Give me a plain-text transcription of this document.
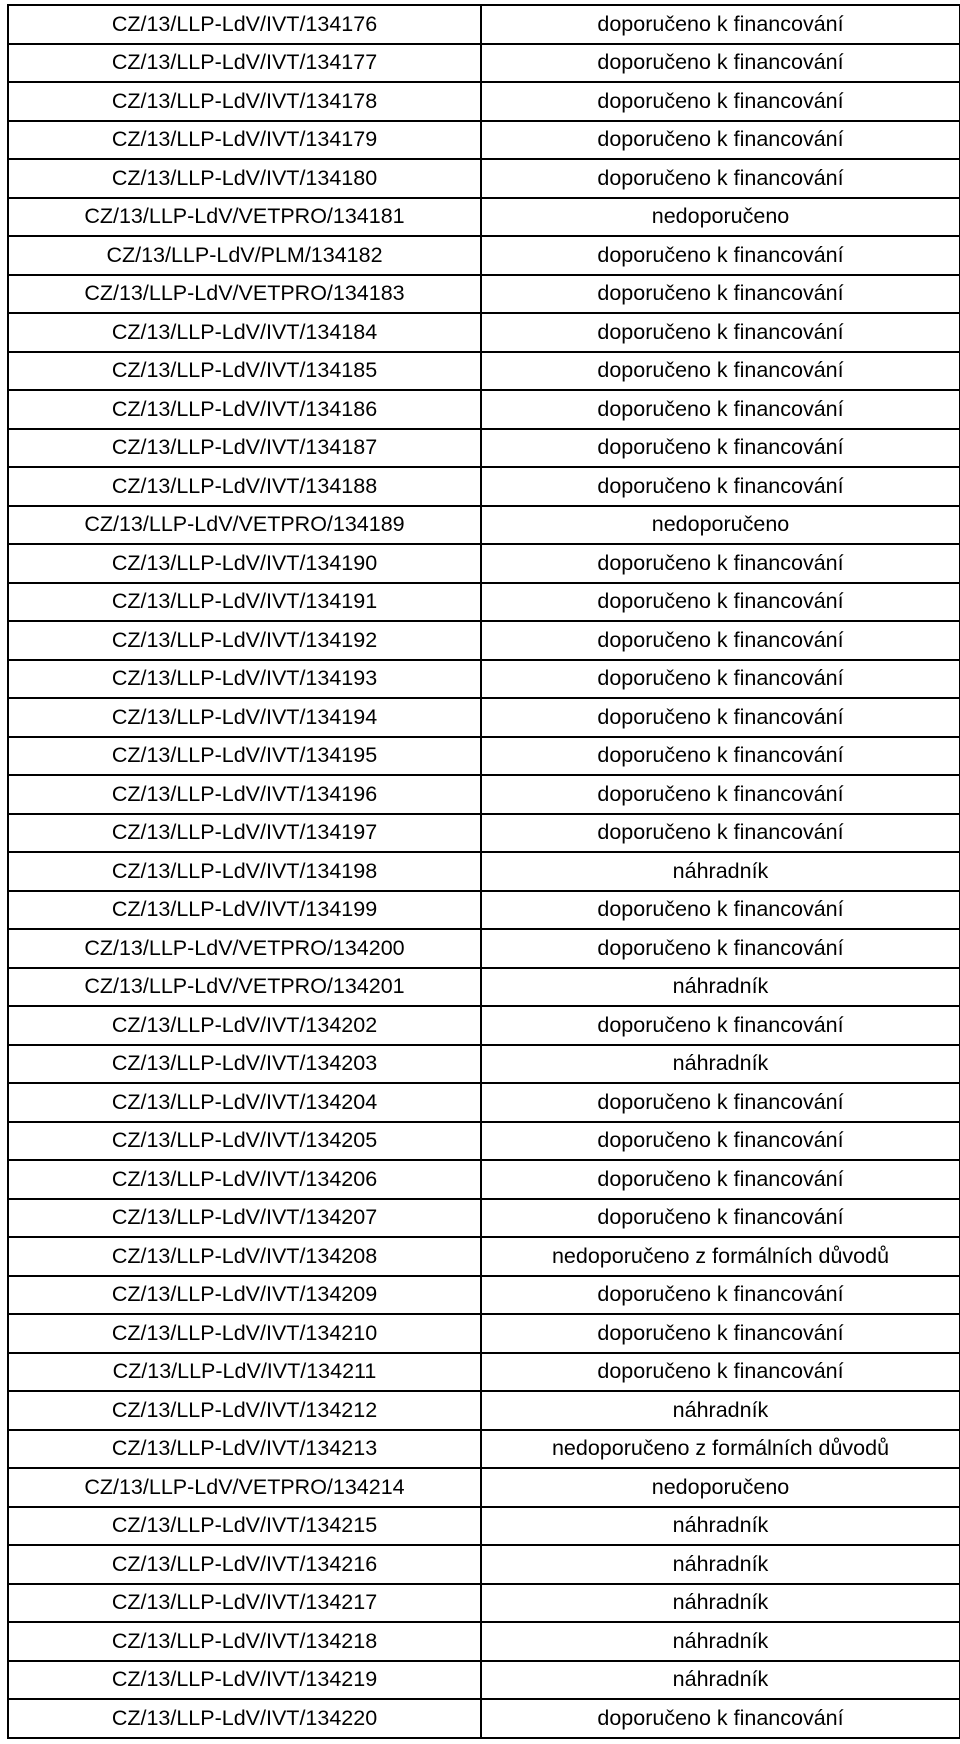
CZ/13/LLP-LdV/IVT/134176	doporučeno k financování
CZ/13/LLP-LdV/IVT/134177	doporučeno k financování
CZ/13/LLP-LdV/IVT/134178	doporučeno k financování
CZ/13/LLP-LdV/IVT/134179	doporučeno k financování
CZ/13/LLP-LdV/IVT/134180	doporučeno k financování
CZ/13/LLP-LdV/VETPRO/134181	nedoporučeno
CZ/13/LLP-LdV/PLM/134182	doporučeno k financování
CZ/13/LLP-LdV/VETPRO/134183	doporučeno k financování
CZ/13/LLP-LdV/IVT/134184	doporučeno k financování
CZ/13/LLP-LdV/IVT/134185	doporučeno k financování
CZ/13/LLP-LdV/IVT/134186	doporučeno k financování
CZ/13/LLP-LdV/IVT/134187	doporučeno k financování
CZ/13/LLP-LdV/IVT/134188	doporučeno k financování
CZ/13/LLP-LdV/VETPRO/134189	nedoporučeno
CZ/13/LLP-LdV/IVT/134190	doporučeno k financování
CZ/13/LLP-LdV/IVT/134191	doporučeno k financování
CZ/13/LLP-LdV/IVT/134192	doporučeno k financování
CZ/13/LLP-LdV/IVT/134193	doporučeno k financování
CZ/13/LLP-LdV/IVT/134194	doporučeno k financování
CZ/13/LLP-LdV/IVT/134195	doporučeno k financování
CZ/13/LLP-LdV/IVT/134196	doporučeno k financování
CZ/13/LLP-LdV/IVT/134197	doporučeno k financování
CZ/13/LLP-LdV/IVT/134198	náhradník
CZ/13/LLP-LdV/IVT/134199	doporučeno k financování
CZ/13/LLP-LdV/VETPRO/134200	doporučeno k financování
CZ/13/LLP-LdV/VETPRO/134201	náhradník
CZ/13/LLP-LdV/IVT/134202	doporučeno k financování
CZ/13/LLP-LdV/IVT/134203	náhradník
CZ/13/LLP-LdV/IVT/134204	doporučeno k financování
CZ/13/LLP-LdV/IVT/134205	doporučeno k financování
CZ/13/LLP-LdV/IVT/134206	doporučeno k financování
CZ/13/LLP-LdV/IVT/134207	doporučeno k financování
CZ/13/LLP-LdV/IVT/134208	nedoporučeno z formálních důvodů
CZ/13/LLP-LdV/IVT/134209	doporučeno k financování
CZ/13/LLP-LdV/IVT/134210	doporučeno k financování
CZ/13/LLP-LdV/IVT/134211	doporučeno k financování
CZ/13/LLP-LdV/IVT/134212	náhradník
CZ/13/LLP-LdV/IVT/134213	nedoporučeno z formálních důvodů
CZ/13/LLP-LdV/VETPRO/134214	nedoporučeno
CZ/13/LLP-LdV/IVT/134215	náhradník
CZ/13/LLP-LdV/IVT/134216	náhradník
CZ/13/LLP-LdV/IVT/134217	náhradník
CZ/13/LLP-LdV/IVT/134218	náhradník
CZ/13/LLP-LdV/IVT/134219	náhradník
CZ/13/LLP-LdV/IVT/134220	doporučeno k financování
